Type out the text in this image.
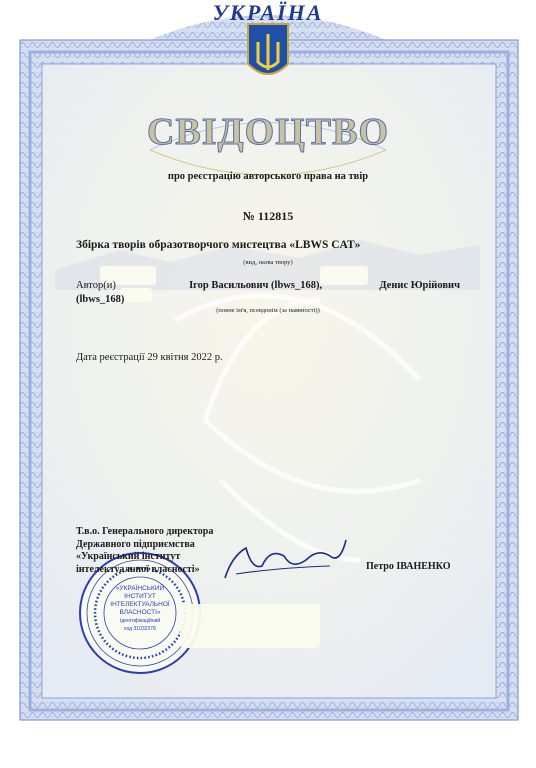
УКРАЇНА
СВІДОЦТВО
про реєстрацію авторського права на твір
№ 112815
Збірка творів образотворчого мистецтва «LBWS CAT»
(вид, назва твору)
Автор(и)	Ігор Васильович (lbws_168),	Денис Юрійович
(lbws_168)
(повне ім'я, псевдонім (за наявності))
Дата реєстрації 29 квітня 2022 р.
Т.в.о. Генерального директора
Державного підприємства
«Український інститут
інтелектуальної власності»	Петро ІВАНЕНКО
«УКРАЇНСЬКИЙ
ІНСТИТУТ
ІНТЕЛЕКТУАЛЬНОЇ
ВЛАСНОСТІ»
Ідентифікаційний
код 31032378
